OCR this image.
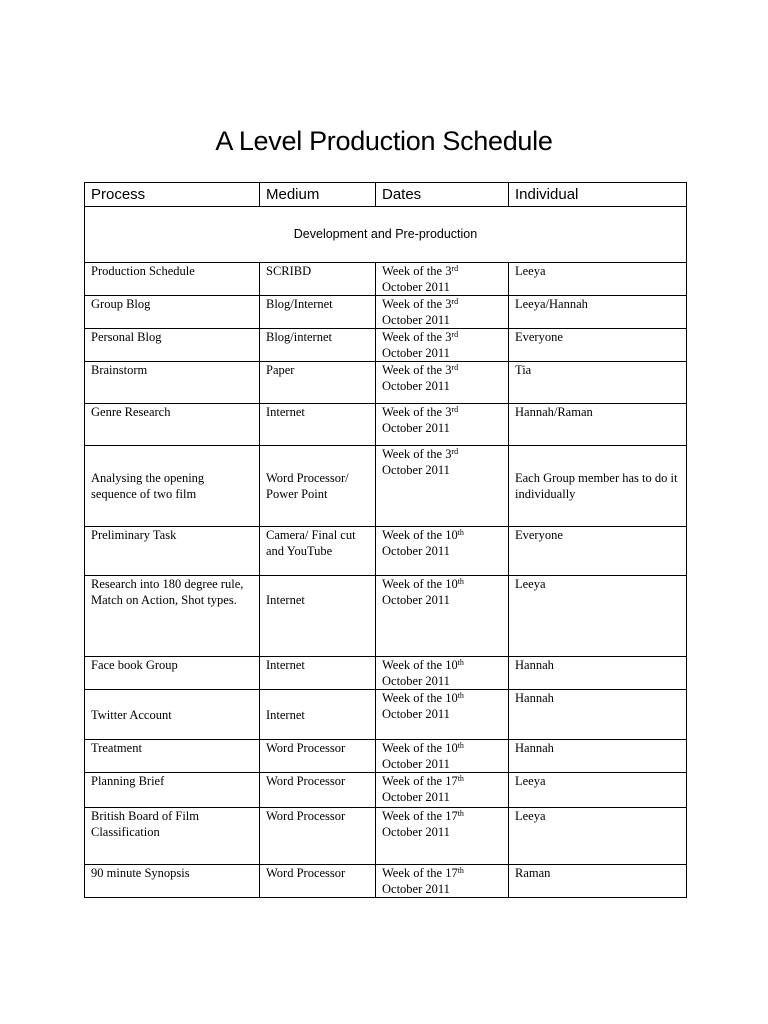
A Level Production Schedule
Process	Medium	Dates	Individual
Development and Pre-production			
Production Schedule	SCRIBD	Week of the 3rd
October 2011	Leeya
Group Blog	Blog/Internet	Week of the 3rd
October 2011	Leeya/Hannah
Personal Blog	Blog/internet	Week of the 3rd
October 2011	Everyone
Brainstorm	Paper	Week of the 3rd
October 2011	Tia
Genre Research	Internet	Week of the 3rd
October 2011	Hannah/Raman
Analysing the opening sequence of two film	Word Processor/ Power Point	Week of the 3rd
October 2011	Each Group member has to do it individually
Preliminary Task	Camera/ Final cut and YouTube	Week of the 10th
October 2011	Everyone
Research into 180 degree rule, Match on Action, Shot types.	Internet	Week of the 10th
October 2011	Leeya
Face book Group	Internet	Week of the 10th
October 2011	Hannah
Twitter Account	Internet	Week of the 10th
October 2011	Hannah
Treatment	Word Processor	Week of the 10th
October 2011	Hannah
Planning Brief	Word Processor	Week of the 17th
October 2011	Leeya
British Board of Film Classification	Word Processor	Week of the 17th
October 2011	Leeya
90 minute Synopsis	Word Processor	Week of the 17th
October 2011	Raman
